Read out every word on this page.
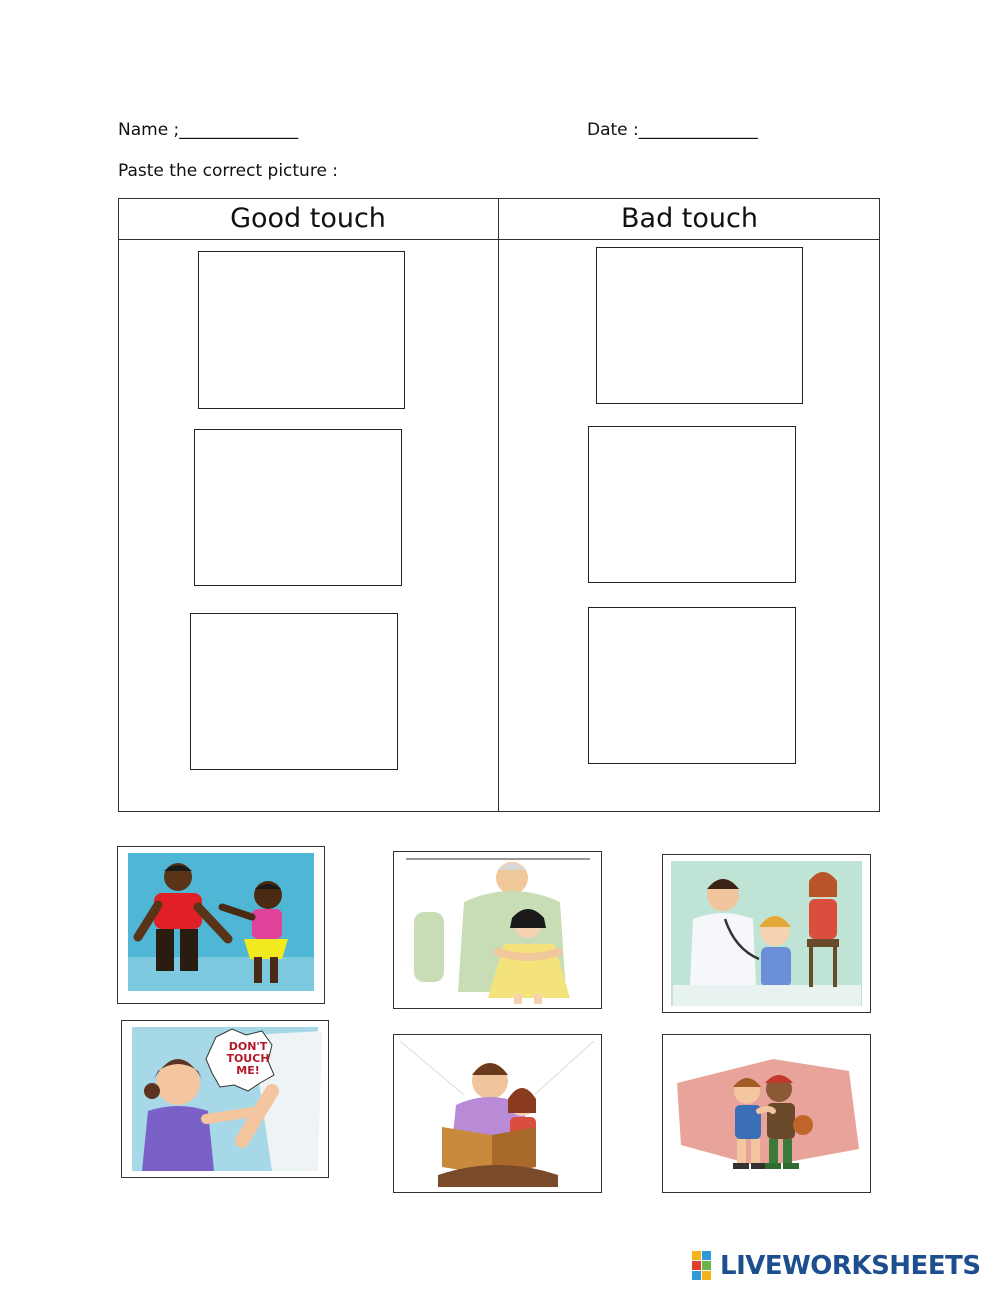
Name ;______________	Date :______________
Paste the correct picture :
Good touch	Bad touch
DON'T TOUCH ME!
LIVEWORKSHEETS
